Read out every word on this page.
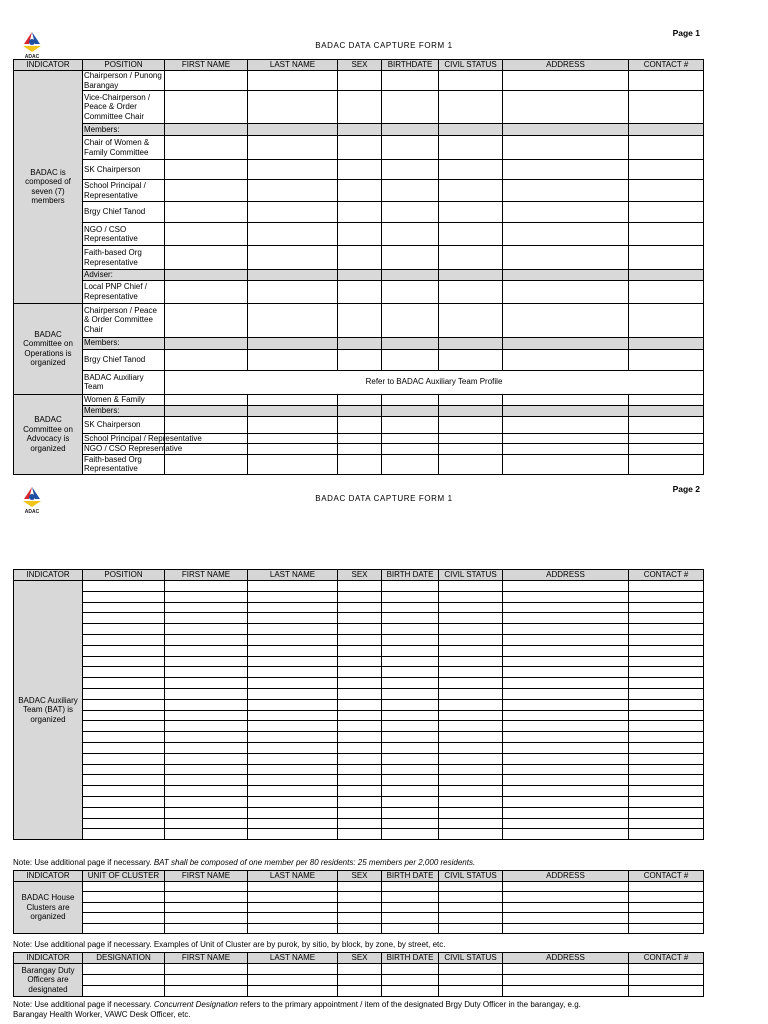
Page 1
ADAC
BADAC DATA CAPTURE FORM 1
INDICATOR	POSITION	FIRST NAME	LAST NAME	SEX	BIRTHDATE	CIVIL STATUS	ADDRESS	CONTACT #
BADAC is composed of seven (7) members	Chairperson / Punong Barangay							
	Vice-Chairperson / Peace & Order Committee Chair							
	Members:							
	Chair of Women & Family Committee							
	SK Chairperson							
	School Principal / Representative							
	Brgy Chief Tanod							
	NGO / CSO Representative							
	Faith-based Org Representative							
	Adviser:							
	Local PNP Chief / Representative							
BADAC Committee on Operations is organized	Chairperson / Peace & Order Committee Chair							
	Members:							
	Brgy Chief Tanod							
	BADAC Auxiliary Team	Refer to BADAC Auxiliary Team Profile						
BADAC Committee on Advocacy is organized	Women & Family							
	Members:							
	SK Chairperson							
	School Principal / Representative							
	NGO / CSO Representative							
	Faith-based Org Representative							
Page 2
ADAC
BADAC DATA CAPTURE FORM 1
INDICATOR	POSITION	FIRST NAME	LAST NAME	SEX	BIRTH DATE	CIVIL STATUS	ADDRESS	CONTACT #
BADAC Auxiliary Team (BAT) is organized								

Note: Use additional page if necessary. BAT shall be composed of one member per 80 residents: 25 members per 2,000 residents.
INDICATOR	UNIT OF CLUSTER	FIRST NAME	LAST NAME	SEX	BIRTH DATE	CIVIL STATUS	ADDRESS	CONTACT #
BADAC House Clusters are organized								

Note: Use additional page if necessary. Examples of Unit of Cluster are by purok, by sitio, by block, by zone, by street, etc.
INDICATOR	DESIGNATION	FIRST NAME	LAST NAME	SEX	BIRTH DATE	CIVIL STATUS	ADDRESS	CONTACT #
Barangay Duty Officers are designated								

Note: Use additional page if necessary. Concurrent Designation refers to the primary appointment / item of the designated Brgy Duty Officer in the barangay, e.g.
Barangay Health Worker, VAWC Desk Officer, etc.
